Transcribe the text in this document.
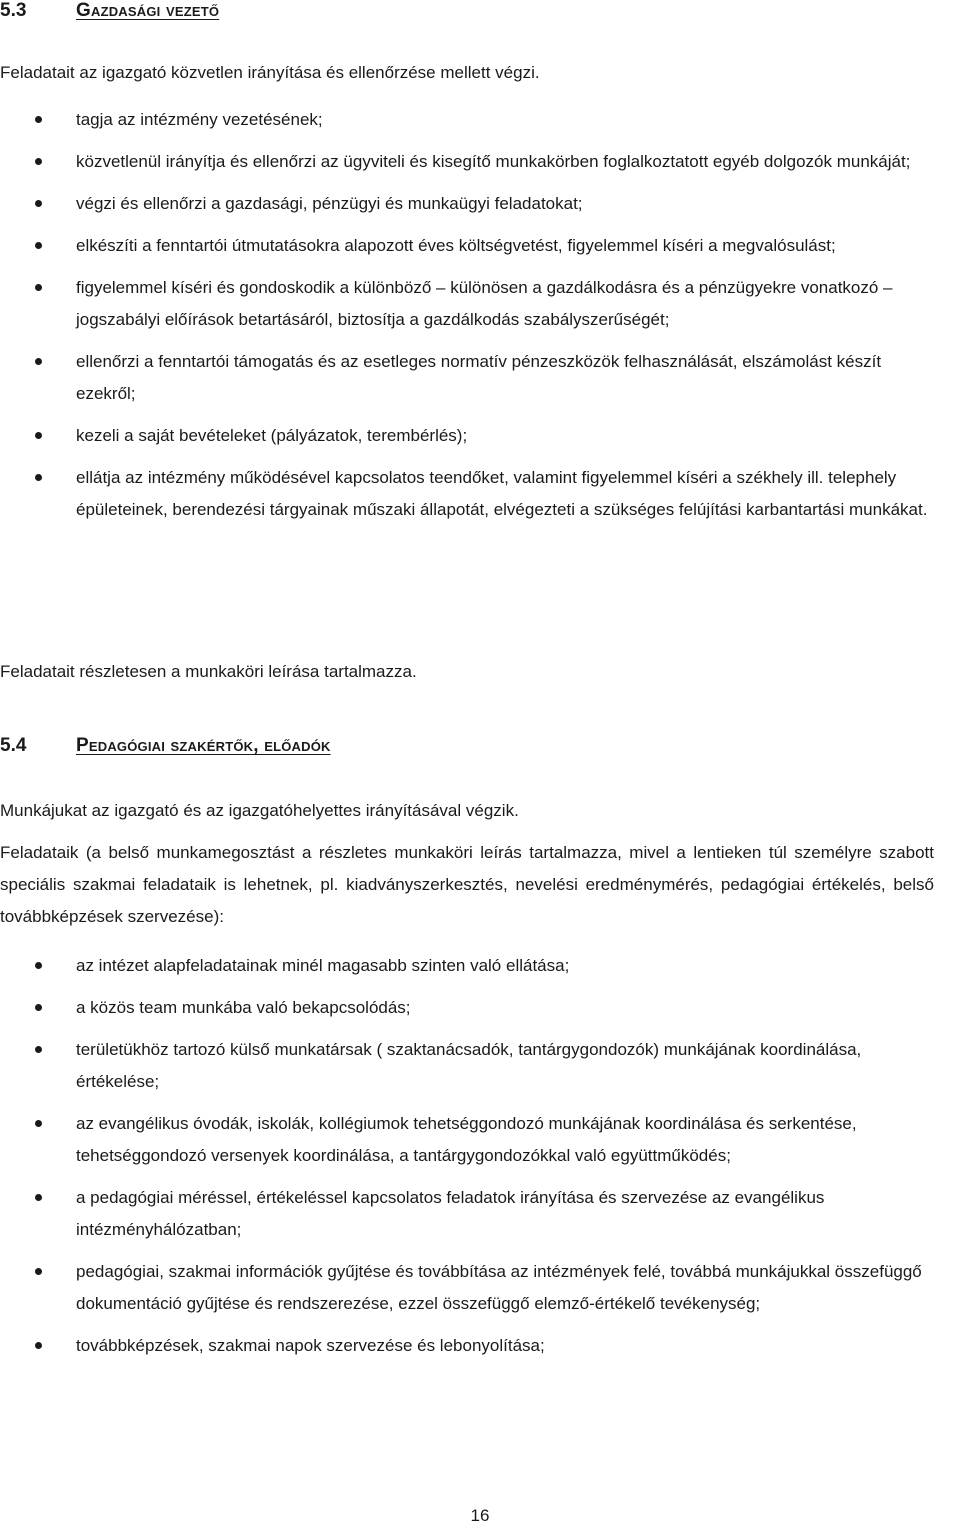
5.3	Gazdasági vezető

Feladatait az igazgató közvetlen irányítása és ellenőrzése mellett végzi.

tagja az intézmény vezetésének;
közvetlenül irányítja és ellenőrzi az ügyviteli és kisegítő munkakörben foglalkoztatott egyéb dolgozók munkáját;
végzi és ellenőrzi a gazdasági, pénzügyi és munkaügyi feladatokat;
elkészíti a fenntartói útmutatásokra alapozott éves költségvetést, figyelemmel kíséri a megvalósulást;
figyelemmel kíséri és gondoskodik a különböző – különösen a gazdálkodásra és a pénzügyekre vonatkozó – jogszabályi előírások betartásáról, biztosítja a gazdálkodás szabályszerűségét;
ellenőrzi a fenntartói támogatás és az esetleges normatív pénzeszközök felhasználását, elszámolást készít ezekről;
kezeli a saját bevételeket (pályázatok, terembérlés);
ellátja az intézmény működésével kapcsolatos teendőket, valamint figyelemmel kíséri a székhely ill. telephely épületeinek, berendezési tárgyainak műszaki állapotát, elvégezteti a szükséges felújítási karbantartási munkákat.

Feladatait részletesen a munkaköri leírása tartalmazza.

5.4	Pedagógiai szakértők, előadók

Munkájukat az igazgató és az igazgatóhelyettes irányításával végzik.

Feladataik (a belső munkamegosztást a részletes munkaköri leírás tartalmazza, mivel a lentieken túl személyre szabott speciális szakmai feladataik is lehetnek, pl. kiadványszerkesztés, nevelési eredménymérés, pedagógiai értékelés, belső továbbképzések szervezése):

az intézet alapfeladatainak minél magasabb szinten való ellátása;
a közös team munkába való bekapcsolódás;
területükhöz tartozó külső munkatársak ( szaktanácsadók, tantárgygondozók) munkájának koordinálása, értékelése;
az evangélikus óvodák, iskolák, kollégiumok tehetséggondozó munkájának koordinálása és serkentése, tehetséggondozó versenyek koordinálása, a tantárgygondozókkal való együttműködés;
a pedagógiai méréssel, értékeléssel kapcsolatos feladatok irányítása és szervezése az evangélikus intézményhálózatban;
pedagógiai, szakmai információk gyűjtése és továbbítása az intézmények felé, továbbá munkájukkal összefüggő dokumentáció gyűjtése és rendszerezése, ezzel összefüggő elemző-értékelő tevékenység;
továbbképzések, szakmai napok szervezése és lebonyolítása;
16
